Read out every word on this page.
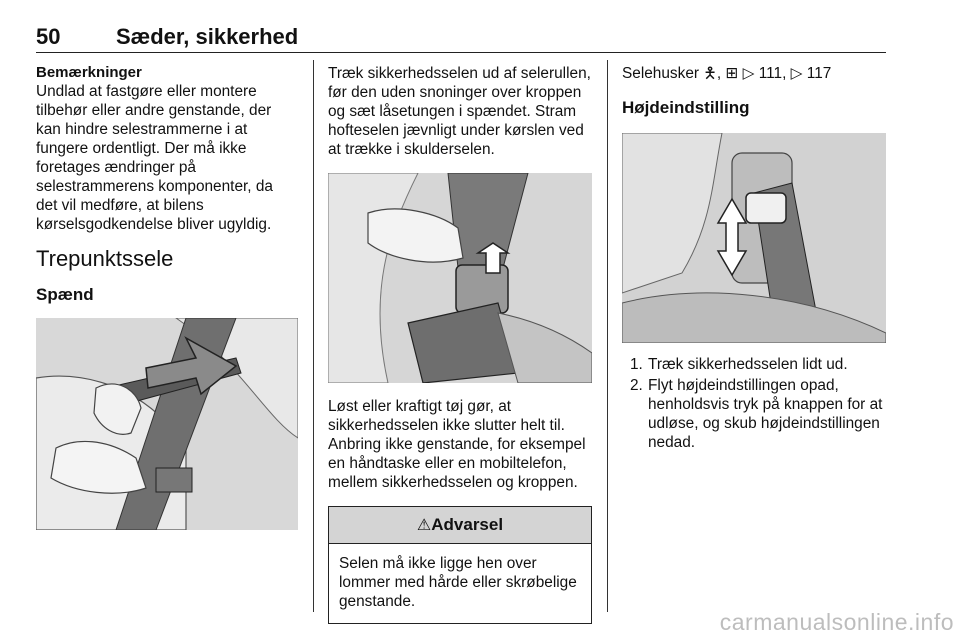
50	Sæder, sikkerhed
Bemærkninger

Undlad at fastgøre eller montere tilbehør eller andre genstande, der kan hindre selestrammerne i at fungere ordentligt. Der må ikke foretages ændringer på selestrammerens komponenter, da det vil medføre, at bilens kørselsgodkendelse bliver ugyldig.

Trepunktssele
Spænd

Træk sikkerhedsselen ud af selerullen, før den uden snoninger over kroppen og sæt låsetungen i spændet. Stram hofteselen jævnligt under kørslen ved at trække i skulderselen.

Løst eller kraftigt tøj gør, at sikkerhedsselen ikke slutter helt til. Anbring ikke genstande, for eksempel en håndtaske eller en mobiltelefon, mellem sikkerhedsselen og kroppen.

⚠ Advarsel

Selen må ikke ligge hen over lommer med hårde eller skrøbelige genstande.

Selehusker 🯅, ⊞ ▷ 111, ▷ 117

Højdeindstilling
1. Træk sikkerhedsselen lidt ud.
2. Flyt højdeindstillingen opad, henholdsvis tryk på knappen for at udløse, og skub højdeindstillingen nedad.
carmanualsonline.info
